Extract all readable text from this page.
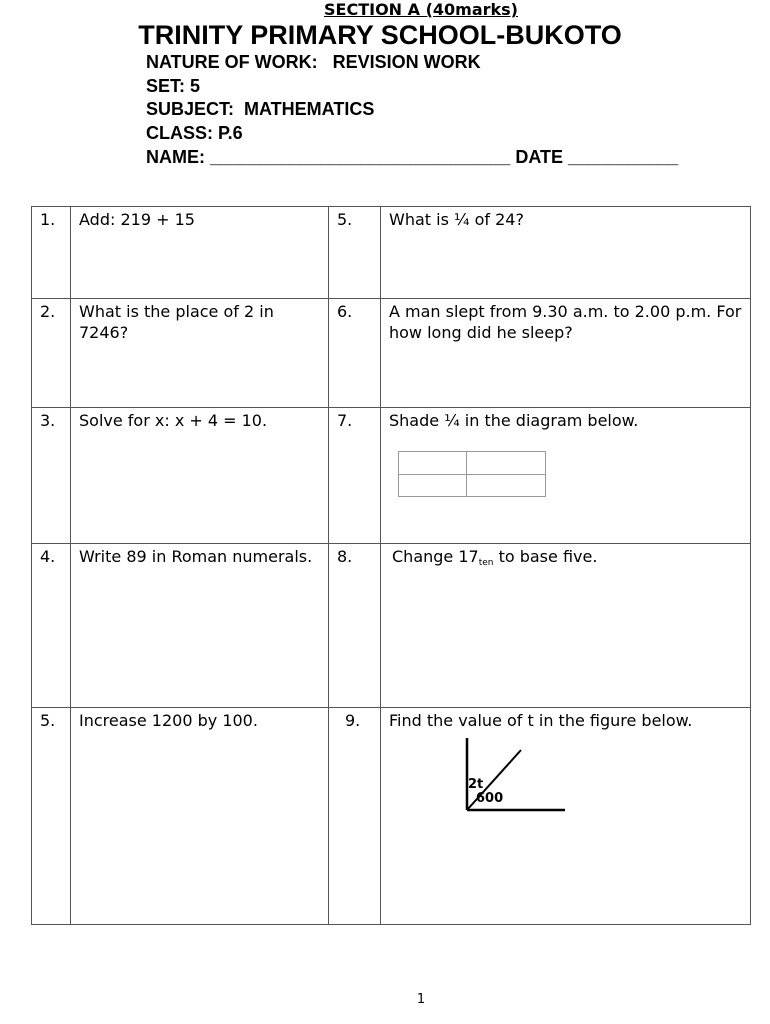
TRINITY PRIMARY SCHOOL-BUKOTO
NATURE OF WORK:   REVISION WORK
SET: 5
SUBJECT:  MATHEMATICS
CLASS: P.6
NAME: ______________________________ DATE ___________
SECTION A (40marks)
1.	Add: 219 + 15	5.	What is ¼ of 24?
2.	What is the place of 2 in 7246?	6.	A man slept from 9.30 a.m. to 2.00 p.m. For how long did he sleep?
3.	Solve for x: x + 4 = 10.	7.	Shade ¼ in the diagram below.
4.	Write 89 in Roman numerals.	8.	Change $17_{ten}$ to base five.
5.	Increase 1200 by 100.	9.	Find the value of t in the figure below.
2t
600
1
